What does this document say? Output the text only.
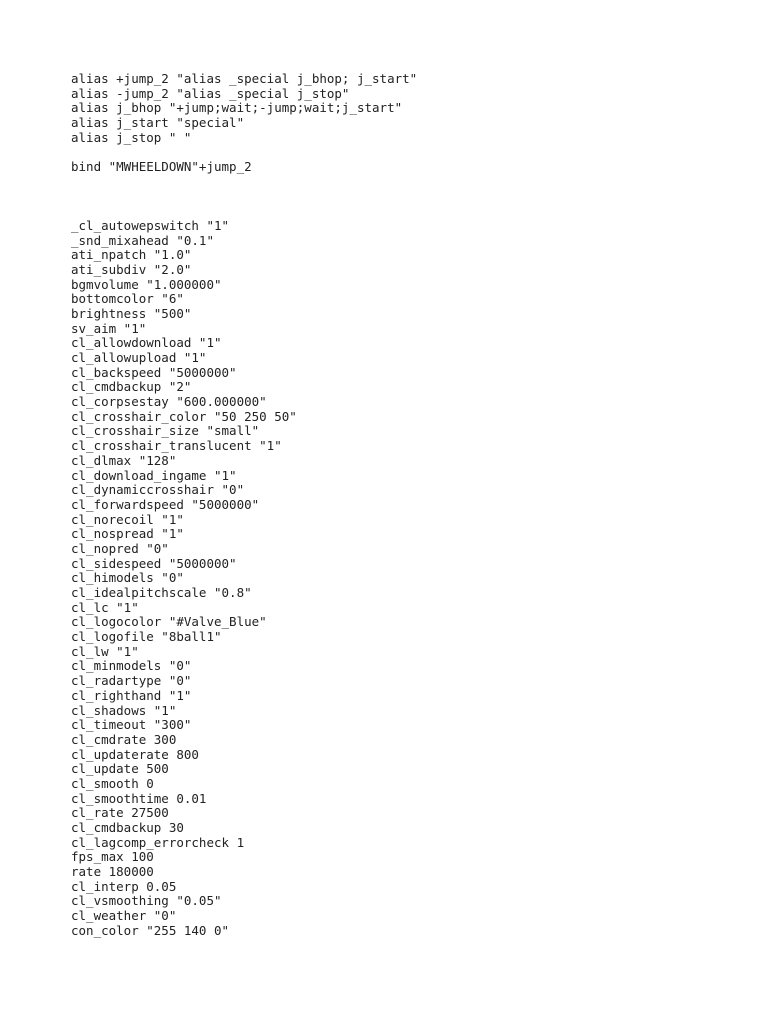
alias +jump_2 "alias _special j_bhop; j_start"
alias -jump_2 "alias _special j_stop"
alias j_bhop "+jump;wait;-jump;wait;j_start"
alias j_start "special"
alias j_stop " "
bind "MWHEELDOWN"+jump_2
_cl_autowepswitch "1"
_snd_mixahead "0.1"
ati_npatch "1.0"
ati_subdiv "2.0"
bgmvolume "1.000000"
bottomcolor "6"
brightness "500"
sv_aim "1"
cl_allowdownload "1"
cl_allowupload "1"
cl_backspeed "5000000"
cl_cmdbackup "2"
cl_corpsestay "600.000000"
cl_crosshair_color "50 250 50"
cl_crosshair_size "small"
cl_crosshair_translucent "1"
cl_dlmax "128"
cl_download_ingame "1"
cl_dynamiccrosshair "0"
cl_forwardspeed "5000000"
cl_norecoil "1"
cl_nospread "1"
cl_nopred "0"
cl_sidespeed "5000000"
cl_himodels "0"
cl_idealpitchscale "0.8"
cl_lc "1"
cl_logocolor "#Valve_Blue"
cl_logofile "8ball1"
cl_lw "1"
cl_minmodels "0"
cl_radartype "0"
cl_righthand "1"
cl_shadows "1"
cl_timeout "300"
cl_cmdrate 300
cl_updaterate 800
cl_update 500
cl_smooth 0
cl_smoothtime 0.01
cl_rate 27500
cl_cmdbackup 30
cl_lagcomp_errorcheck 1
fps_max 100
rate 180000
cl_interp 0.05
cl_vsmoothing "0.05"
cl_weather "0"
con_color "255 140 0"
